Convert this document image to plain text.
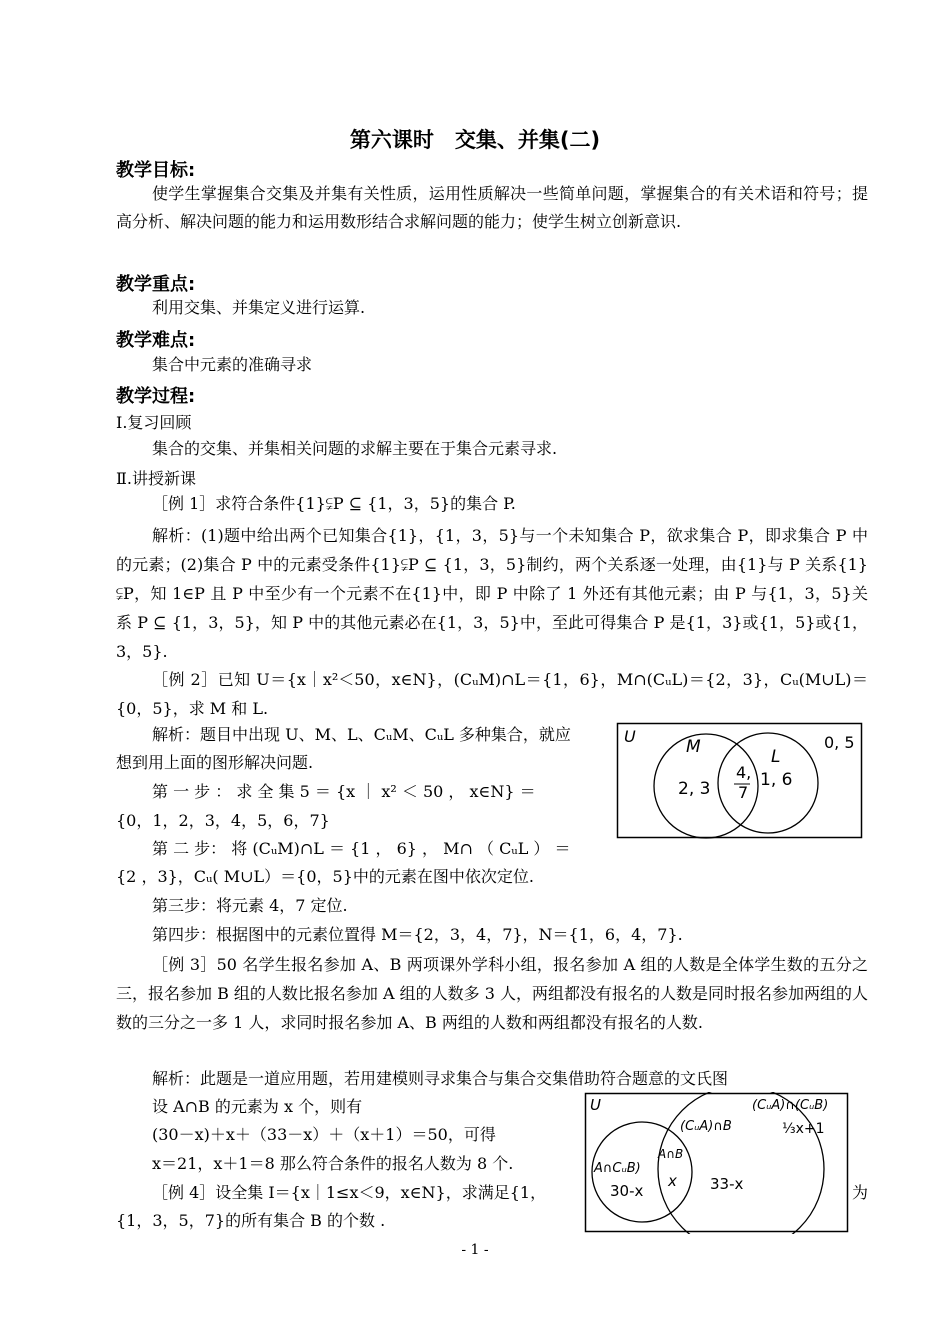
第六课时　交集、并集(二)
教学目标:
使学生掌握集合交集及并集有关性质，运用性质解决一些简单问题，掌握集合的有关术语和符号；提高分析、解决问题的能力和运用数形结合求解问题的能力；使学生树立创新意识.
教学重点:
利用交集、并集定义进行运算.
教学难点:
集合中元素的准确寻求
教学过程:
Ⅰ.复习回顾
集合的交集、并集相关问题的求解主要在于集合元素寻求.
Ⅱ.讲授新课
［例 1］求符合条件{1}⫋P ⊆ {1，3，5}的集合 P.
解析：(1)题中给出两个已知集合{1}，{1，3，5}与一个未知集合 P，欲求集合 P，即求集合 P 中的元素；(2)集合 P 中的元素受条件{1}⫋P ⊆ {1，3，5}制约，两个关系逐一处理，由{1}与 P 关系{1}⫋P，知 1∈P 且 P 中至少有一个元素不在{1}中，即 P 中除了 1 外还有其他元素；由 P 与{1，3，5}关系 P ⊆ {1，3，5}，知 P 中的其他元素必在{1，3，5}中，至此可得集合 P 是{1，3}或{1，5}或{1，3，5}.
［例 2］已知 U＝{x｜x²＜50，x∈N}，(CᵤM)∩L＝{1，6}，M∩(CᵤL)＝{2，3}，Cᵤ(M∪L)＝{0，5}，求 M 和 L.
解析：题目中出现 U、M、L、CᵤM、CᵤL 多种集合，就应
想到用上面的图形解决问题.
第 一 步 ： 求 全 集 5 ＝ {x ｜ x² ＜ 50 ， x∈N} ＝
{0，1，2，3，4，5，6，7}
第 二 步： 将 (CᵤM)∩L ＝ {1 ， 6} ， M∩ （ CᵤL ） ＝
{2 ，3}，Cᵤ( M∪L）＝{0，5}中的元素在图中依次定位.
第三步：将元素 4，7 定位.
第四步：根据图中的元素位置得 M＝{2，3，4，7}，N＝{1，6，4，7}.
U
M	L
2, 3
4,
7
1, 6
0, 5
［例 3］50 名学生报名参加 A、B 两项课外学科小组，报名参加 A 组的人数是全体学生数的五分之三，报名参加 B 组的人数比报名参加 A 组的人数多 3 人，两组都没有报名的人数是同时报名参加两组的人数的三分之一多 1 人，求同时报名参加 A、B 两组的人数和两组都没有报名的人数.
解析：此题是一道应用题，若用建模则寻求集合与集合交集借助符合题意的文氏图
设 A∩B 的元素为 x 个，则有
(30－x)＋x＋（33－x）＋（x＋1）＝50，可得
x＝21，x＋1＝8 那么符合条件的报名人数为 8 个.
［例 4］设全集 I＝{x｜1≤x＜9，x∈N}，求满足{1，	为
{1，3，5，7}的所有集合 B 的个数 .
U	(CᵤA)∩(CᵤB)
⅓x+1
(CᵤA)∩B
A∩CᵤB)
A∩B
30-x
x 33-x
- 1 -
